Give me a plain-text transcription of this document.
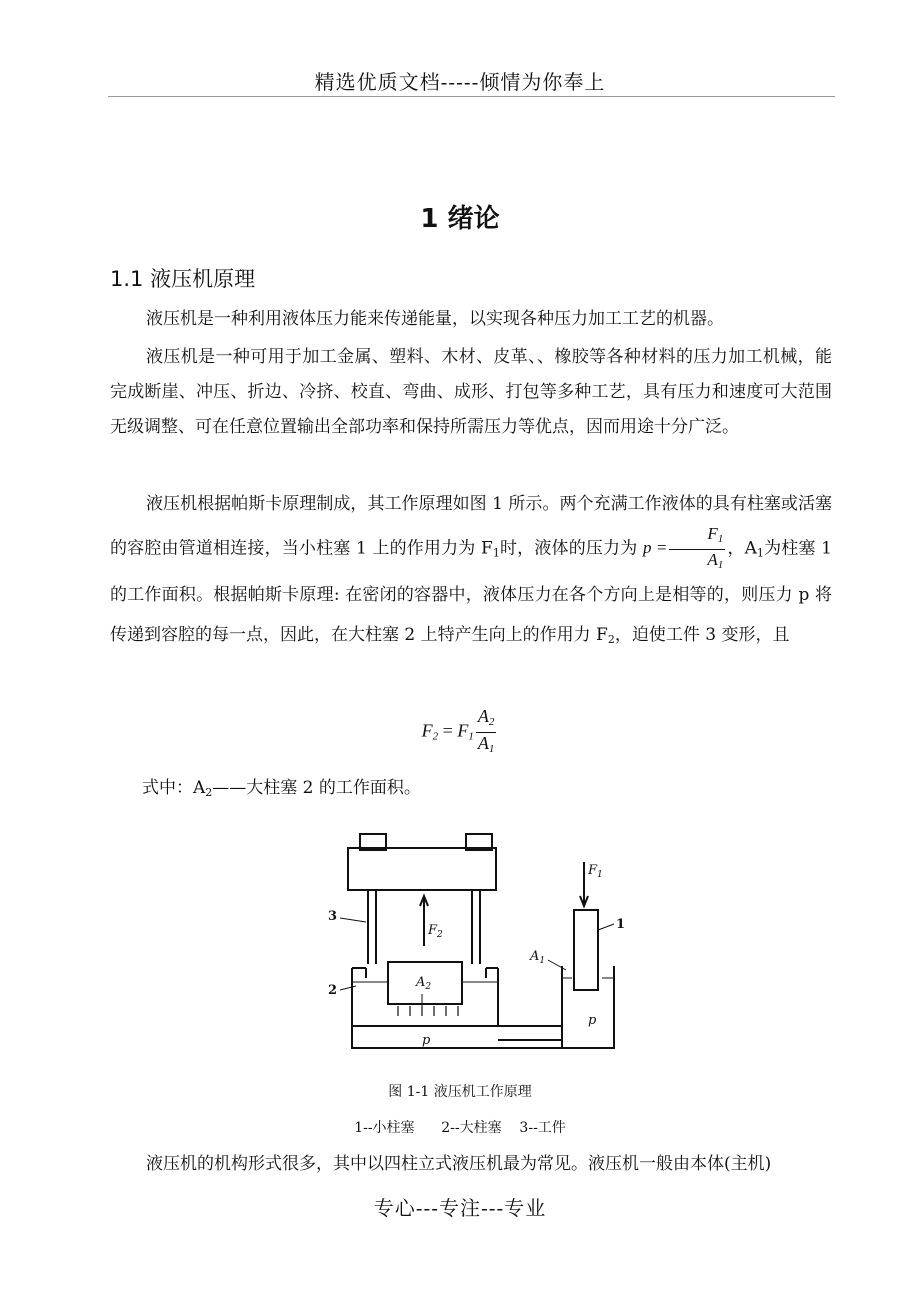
精选优质文档-----倾情为你奉上
1 绪论
1.1 液压机原理
液压机是一种利用液体压力能来传递能量，以实现各种压力加工工艺的机器。
液压机是一种可用于加工金属、塑料、木材、皮革、、橡胶等各种材料的压力加工机械，能完成断崖、冲压、折边、冷挤、校直、弯曲、成形、打包等多种工艺，具有压力和速度可大范围无级调整、可在任意位置输出全部功率和保持所需压力等优点，因而用途十分广泛。
液压机根据帕斯卡原理制成，其工作原理如图 1 所示。两个充满工作液体的具有柱塞或活塞的容腔由管道相连接，当小柱塞 1 上的作用力为 $F_1$时，液体的压力为 $p = \frac{F_1}{A_1}$ ，$A_1$为柱塞 1 的工作面积。根据帕斯卡原理: 在密闭的容器中，液体压力在各个方向上是相等的，则压力 p 将传递到容腔的每一点，因此，在大柱塞 2 上特产生向上的作用力 $F_2$，迫使工件 3 变形，且
$F_2 = F_1 \frac{A_2}{A_1}$
式中：$A_2——$大柱塞 2 的工作面积。
$F_1$
$F_2$
$A_1$
$A_2$
p
p
1
2
3
图 1-1 液压机工作原理
1--小柱塞      2--大柱塞    3--工件
液压机的机构形式很多，其中以四柱立式液压机最为常见。液压机一般由本体(主机)
专心---专注---专业
